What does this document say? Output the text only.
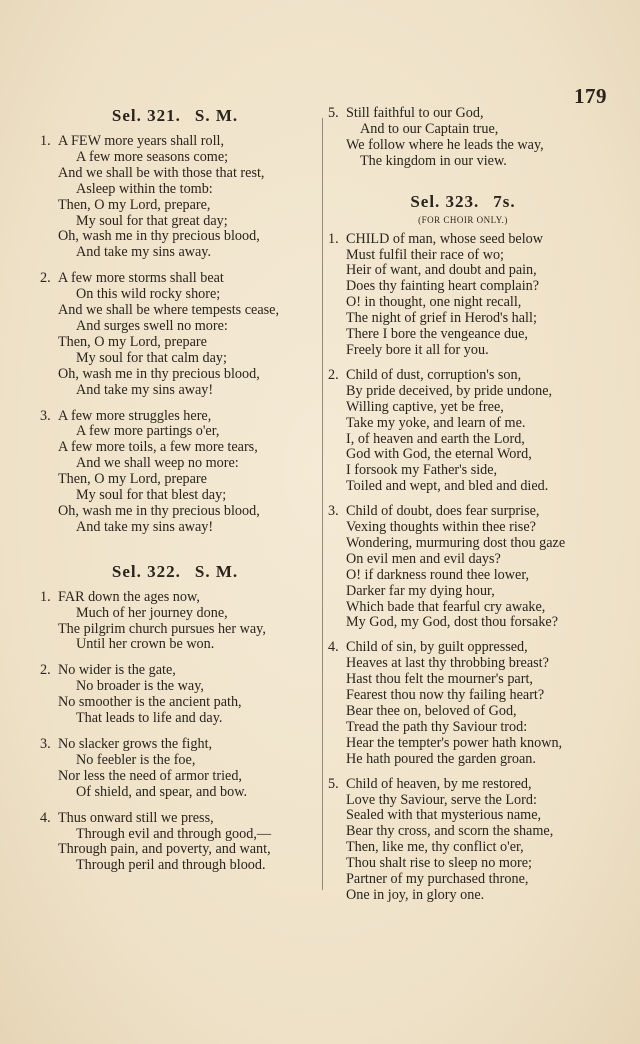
179
Sel. 321. S. M.
1. A FEW more years shall roll,
A few more seasons come;
And we shall be with those that rest,
Asleep within the tomb:
Then, O my Lord, prepare,
My soul for that great day;
Oh, wash me in thy precious blood,
And take my sins away.
2. A few more storms shall beat
On this wild rocky shore;
And we shall be where tempests cease,
And surges swell no more:
Then, O my Lord, prepare
My soul for that calm day;
Oh, wash me in thy precious blood,
And take my sins away!
3. A few more struggles here,
A few more partings o'er,
A few more toils, a few more tears,
And we shall weep no more:
Then, O my Lord, prepare
My soul for that blest day;
Oh, wash me in thy precious blood,
And take my sins away!
Sel. 322. S. M.
1. FAR down the ages now,
Much of her journey done,
The pilgrim church pursues her way,
Until her crown be won.
2. No wider is the gate,
No broader is the way,
No smoother is the ancient path,
That leads to life and day.
3. No slacker grows the fight,
No feebler is the foe,
Nor less the need of armor tried,
Of shield, and spear, and bow.
4. Thus onward still we press,
Through evil and through good,—
Through pain, and poverty, and want,
Through peril and through blood.
5. Still faithful to our God,
And to our Captain true,
We follow where he leads the way,
The kingdom in our view.
Sel. 323. 7s.
(FOR CHOIR ONLY.)
1. CHILD of man, whose seed below
Must fulfil their race of wo;
Heir of want, and doubt and pain,
Does thy fainting heart complain?
O! in thought, one night recall,
The night of grief in Herod's hall;
There I bore the vengeance due,
Freely bore it all for you.
2. Child of dust, corruption's son,
By pride deceived, by pride undone,
Willing captive, yet be free,
Take my yoke, and learn of me.
I, of heaven and earth the Lord,
God with God, the eternal Word,
I forsook my Father's side,
Toiled and wept, and bled and died.
3. Child of doubt, does fear surprise,
Vexing thoughts within thee rise?
Wondering, murmuring dost thou gaze
On evil men and evil days?
O! if darkness round thee lower,
Darker far my dying hour,
Which bade that fearful cry awake,
My God, my God, dost thou forsake?
4. Child of sin, by guilt oppressed,
Heaves at last thy throbbing breast?
Hast thou felt the mourner's part,
Fearest thou now thy failing heart?
Bear thee on, beloved of God,
Tread the path thy Saviour trod:
Hear the tempter's power hath known,
He hath poured the garden groan.
5. Child of heaven, by me restored,
Love thy Saviour, serve the Lord:
Sealed with that mysterious name,
Bear thy cross, and scorn the shame,
Then, like me, thy conflict o'er,
Thou shalt rise to sleep no more;
Partner of my purchased throne,
One in joy, in glory one.
